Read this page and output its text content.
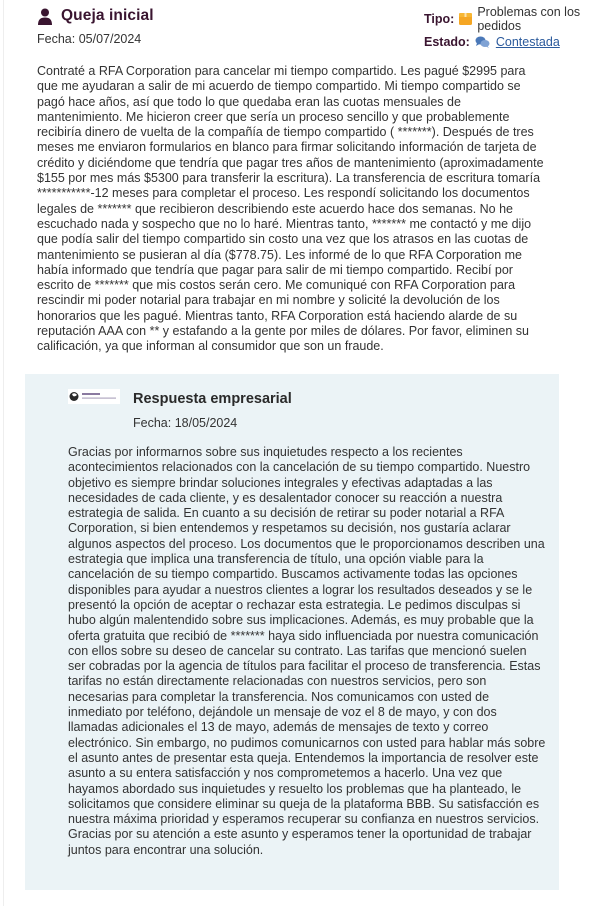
Queja inicial
Fecha: 05/07/2024
Tipo: Problemas con los pedidos
Estado: Contestada
Contraté a RFA Corporation para cancelar mi tiempo compartido. Les pagué $2995 para que me ayudaran a salir de mi acuerdo de tiempo compartido. Mi tiempo compartido se pagó hace años, así que todo lo que quedaba eran las cuotas mensuales de mantenimiento. Me hicieron creer que sería un proceso sencillo y que probablemente recibiría dinero de vuelta de la compañía de tiempo compartido ( *******). Después de tres meses me enviaron formularios en blanco para firmar solicitando información de tarjeta de crédito y diciéndome que tendría que pagar tres años de mantenimiento (aproximadamente $155 por mes más $5300 para transferir la escritura). La transferencia de escritura tomaría ***********-12 meses para completar el proceso. Les respondí solicitando los documentos legales de ******* que recibieron describiendo este acuerdo hace dos semanas. No he escuchado nada y sospecho que no lo haré. Mientras tanto, ******* me contactó y me dijo que podía salir del tiempo compartido sin costo una vez que los atrasos en las cuotas de mantenimiento se pusieran al día ($778.75). Les informé de lo que RFA Corporation me había informado que tendría que pagar para salir de mi tiempo compartido. Recibí por escrito de ******* que mis costos serán cero. Me comuniqué con RFA Corporation para rescindir mi poder notarial para trabajar en mi nombre y solicité la devolución de los honorarios que les pagué. Mientras tanto, RFA Corporation está haciendo alarde de su reputación AAA con ** y estafando a la gente por miles de dólares. Por favor, eliminen su calificación, ya que informan al consumidor que son un fraude.
Respuesta empresarial
Fecha: 18/05/2024
Gracias por informarnos sobre sus inquietudes respecto a los recientes acontecimientos relacionados con la cancelación de su tiempo compartido. Nuestro objetivo es siempre brindar soluciones integrales y efectivas adaptadas a las necesidades de cada cliente, y es desalentador conocer su reacción a nuestra estrategia de salida. En cuanto a su decisión de retirar su poder notarial a RFA Corporation, si bien entendemos y respetamos su decisión, nos gustaría aclarar algunos aspectos del proceso. Los documentos que le proporcionamos describen una estrategia que implica una transferencia de título, una opción viable para la cancelación de su tiempo compartido. Buscamos activamente todas las opciones disponibles para ayudar a nuestros clientes a lograr los resultados deseados y se le presentó la opción de aceptar o rechazar esta estrategia. Le pedimos disculpas si hubo algún malentendido sobre sus implicaciones. Además, es muy probable que la oferta gratuita que recibió de ******* haya sido influenciada por nuestra comunicación con ellos sobre su deseo de cancelar su contrato. Las tarifas que mencionó suelen ser cobradas por la agencia de títulos para facilitar el proceso de transferencia. Estas tarifas no están directamente relacionadas con nuestros servicios, pero son necesarias para completar la transferencia. Nos comunicamos con usted de inmediato por teléfono, dejándole un mensaje de voz el 8 de mayo, y con dos llamadas adicionales el 13 de mayo, además de mensajes de texto y correo electrónico. Sin embargo, no pudimos comunicarnos con usted para hablar más sobre el asunto antes de presentar esta queja. Entendemos la importancia de resolver este asunto a su entera satisfacción y nos comprometemos a hacerlo. Una vez que hayamos abordado sus inquietudes y resuelto los problemas que ha planteado, le solicitamos que considere eliminar su queja de la plataforma BBB. Su satisfacción es nuestra máxima prioridad y esperamos recuperar su confianza en nuestros servicios. Gracias por su atención a este asunto y esperamos tener la oportunidad de trabajar juntos para encontrar una solución.
